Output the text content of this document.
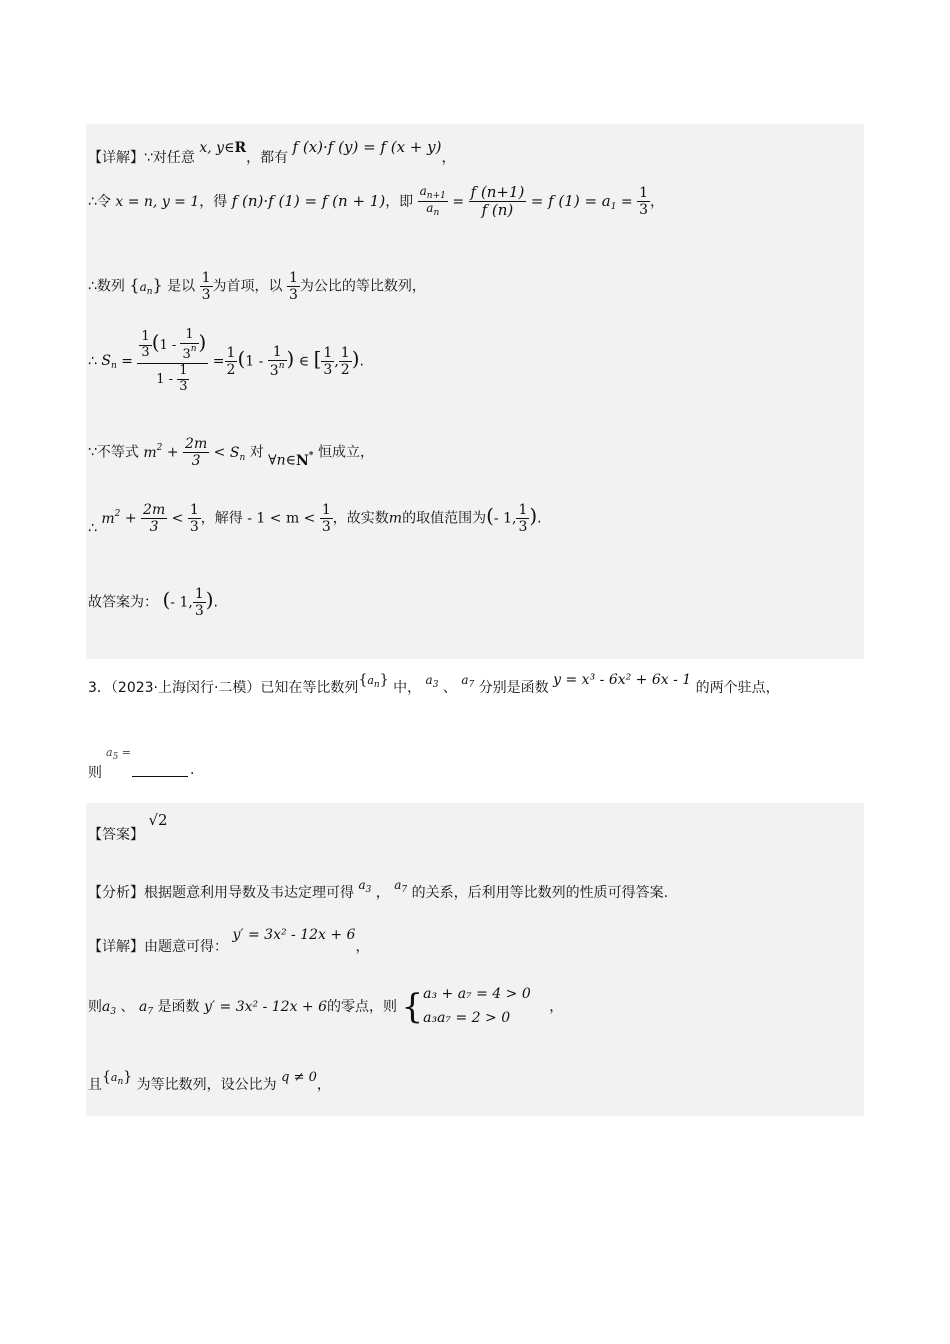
【详解】∵对任意 x, y∈R，都有 f (x)·f (y) = f (x + y)，
∴令 x = n, y = 1，得 f (n)·f (1) = f (n + 1)，即 $\frac{a_{n+1}}{a_n} = \frac{f (n+1)}{f (n)} = f$ $(1) = a_1 = \frac{1}{3}$ ，
∴数列 $\{a_n\}$ 是以 $\frac{1}{3}$ 为首项，以 $\frac{1}{3}$ 为公比的等比数列，
∴ $S_n = \frac{\frac{1}{3} (1 - \frac{1}{3^n} )}{1 - \frac{1}{3}} = \frac{1}{2} (1 - \frac{1}{3^n}$ ) ∈ [ $\frac{1}{3}$ , $\frac{1}{2}$ ).
∵不等式 $m^2 + \frac{2m}{3} < S_n$ 对 ∀n∈N* 恒成立，
∴ $m^2 + \frac{2m}{3} < \frac{1}{3}$ ，解得 - $1 < m < \frac{1}{3}$ ，故实数m的取值范围为(- 1, $\frac{1}{3}$ ).
故答案为： (- 1, $\frac{1}{3}$ ).
3．（2023·上海闵行·二模）已知在等比数列$\{a_n\}$ 中， $a_3$ 、 $a_7$ 分别是函数 y = x³ - 6x² + 6x - 1 的两个驻点，
$a_5$ =
则	.
【答案】 √2
【分析】根据题意利用导数及韦达定理可得 $a_3$ ， $a_7$ 的关系，后利用等比数列的性质可得答案.
【详解】由题意可得： y′ = 3x² - 12x + 6，
则$a_3$ 、 $a_7$ 是函数 y′ = 3x² - 12x + 6的零点，则 { a₃ + a₇ = 4 > 0
a₃a₇ = 2 > 0
，
且$\{a_n\}$ 为等比数列，设公比为 q ≠ 0，
